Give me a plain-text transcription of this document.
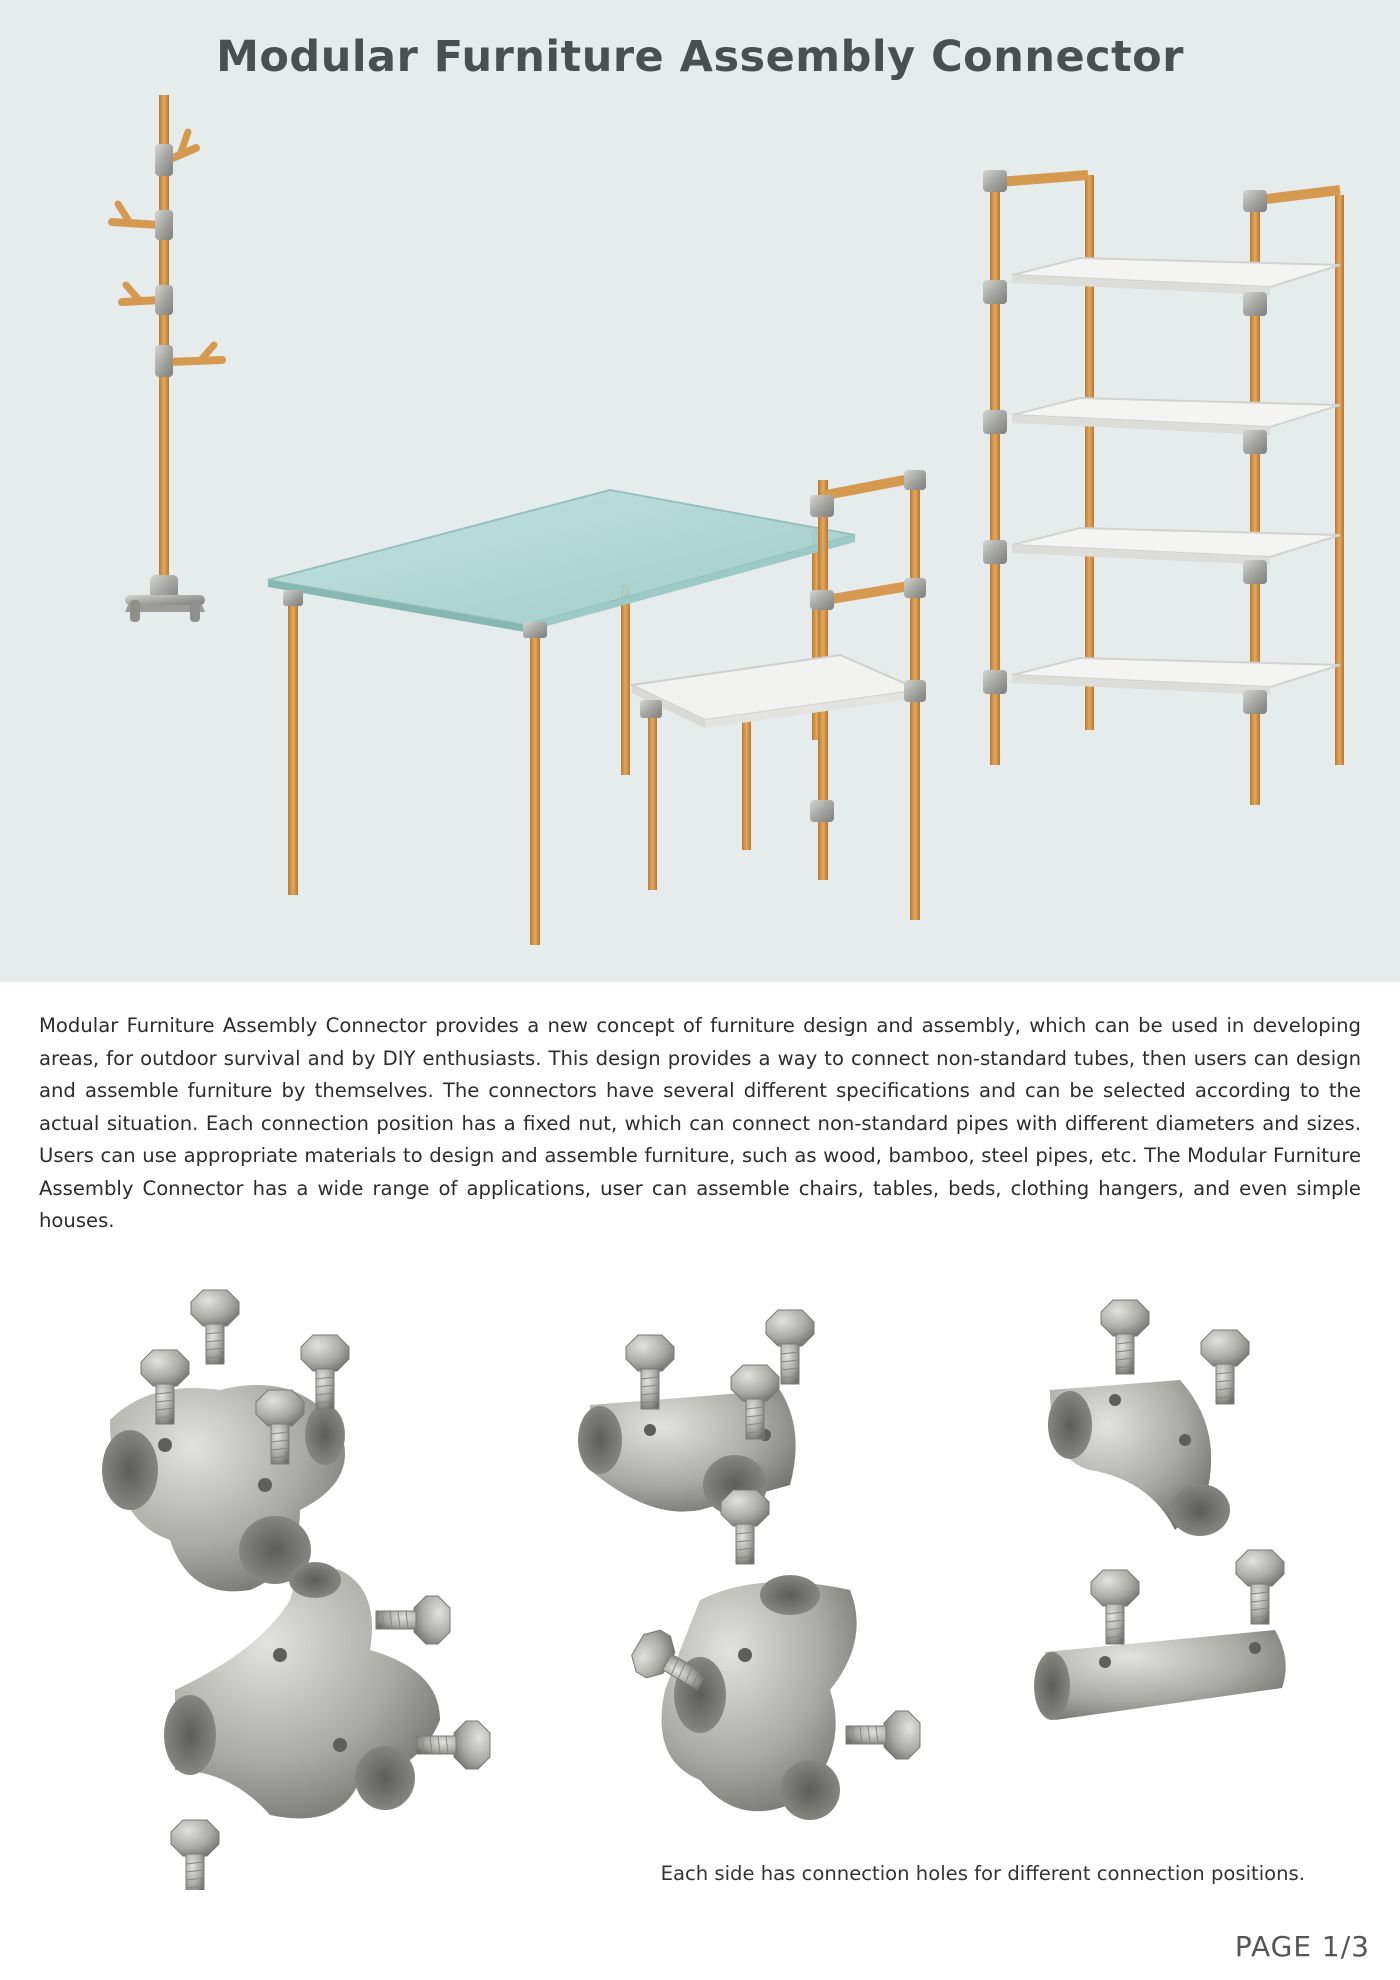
Modular Furniture Assembly Connector

Modular Furniture Assembly Connector provides a new concept of furniture design and assembly, which can be used in developing areas, for outdoor survival and by DIY enthusiasts. This design provides a way to connect non-standard tubes, then users can design and assemble furniture by themselves. The connectors have several different specifications and can be selected according to the actual situation. Each connection position has a fixed nut, which can connect non-standard pipes with different diameters and sizes. Users can use appropriate materials to design and assemble furniture, such as wood, bamboo, steel pipes, etc. The Modular Furniture Assembly Connector has a wide range of applications, user can assemble chairs, tables, beds, clothing hangers, and even simple houses.

Each side has connection holes for different connection positions.
PAGE 1/3
